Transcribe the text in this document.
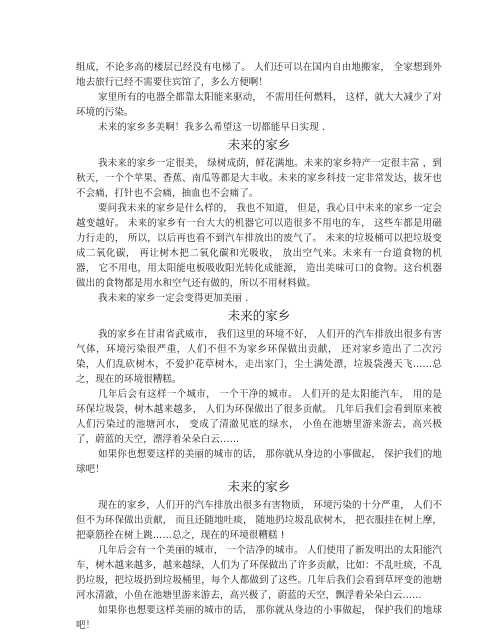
组成，不论多高的楼层已经没有电梯了。 人们还可以在国内自由地搬家， 全家想到外地去旅行已经不需要住宾馆了，多么方便啊！

家里所有的电器全都靠太阳能来驱动， 不需用任何燃料， 这样，就大大减少了对环境的污染。

未来的家乡多美啊！我多么希望这一切都能早日实现 .

未来的家乡

我未来的家乡一定很美， 绿树成荫，鲜花满地。未来的家乡特产一定很丰富 ，到秋天，一个个苹果、香蕉、南瓜等都是大丰收。未来的家乡科技一定非常发达，拔牙也不会痛，打针也不会痛，抽血也不会痛了。

要问我未来的家乡是什么样的， 我也不知道， 但是，我心目中未来的家乡一定会越变越好。 未来的家乡有一台大大的机器它可以造很多不用电的车， 这些车都是用磁力行走的， 所以，以后再也看不到汽车排放出的废气了。 未来的垃圾桶可以把垃圾变成二氧化碳， 再让树木把二氧化碳和光吸收， 放出空气来。未来有一台道食物的机器， 它不用电，用太阳能电板吸收阳光转化成能源， 造出美味可口的食物。这台机器做出的食物都是用水和空气还有做的，所以不用材料做。

我未来的家乡一定会变得更加美丽 .

未来的家乡

我的家乡在甘肃省武威市， 我们这里的环境不好， 人们开的汽车排放出很多有害气体，环境污染很严重，人们不但不为家乡环保做出贡献， 还对家乡造出了二次污染，人们乱砍树木，不爱护花草树木，走出家门，尘土满处漂，垃圾袋漫天飞……总之，现在的环境很糟糕。

几年后会有这样一个城市， 一个干净的城市。 人们开的是太阳能汽车， 用的是环保垃圾袋，树木越来越多， 人们为环保做出了很多贡献。 几年后我们会看到原来被人们污染过的池塘河水， 变成了清澈见底的绿水， 小鱼在池塘里游来游去，高兴极了，蔚蓝的天空，漂浮着朵朵白云……

如果你也想要这样的美丽的城市的话， 那你就从身边的小事做起， 保护我们的地球吧！

未来的家乡

现在的家乡，人们开的汽车排放出很多有害物质， 环境污染的十分严重， 人们不但不为环保做出贡献， 而且还随地吐痰， 随地扔垃圾乱砍树木， 把衣服挂在树上摩，把豪筋拴在树上跳……总之，现在的环境很糟糕 !

几年后会有一个美丽的城市， 一个洁净的城市。 人们使用了新发明出的太阳能汽车，树木越来越多，越来越绿，人们为了环保做出了许多贡献，比如：不乱吐痰，不乱扔垃圾，把垃圾扔到垃圾桶里，每个人都做到了这些。几年后我们会看到草坪变的池塘河水清澈，小鱼在池塘里游来游去，高兴极了，蔚蓝的天空，飘浮着朵朵白云……

如果你也想要这样美丽的城市的话， 那你就从身边的小事做起， 保护我们的地球吧！
